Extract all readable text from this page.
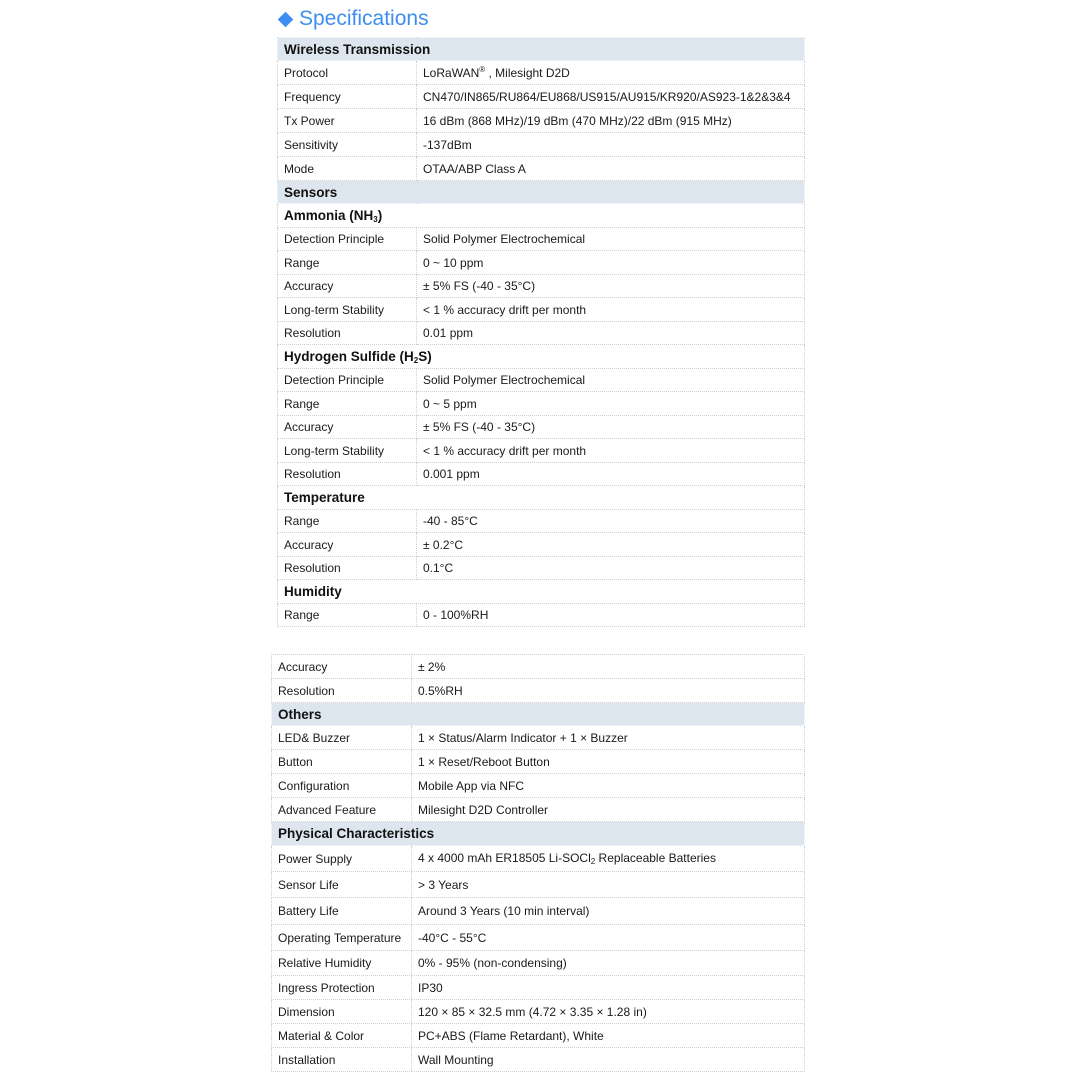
Specifications
Wireless Transmission	
Protocol	LoRaWAN® , Milesight D2D
Frequency	CN470/IN865/RU864/EU868/US915/AU915/KR920/AS923-1&2&3&4
Tx Power	16 dBm (868 MHz)/19 dBm (470 MHz)/22 dBm (915 MHz)
Sensitivity	-137dBm
Mode	OTAA/ABP Class A
Sensors	
Ammonia $(NH_3)$	
Detection Principle	Solid Polymer Electrochemical
Range	0 ~ 10 ppm
Accuracy	± 5% FS (-40 - 35°C)
Long-term Stability	< 1 % accuracy drift per month
Resolution	0.01 ppm
Hydrogen Sulfide $(H_2S)$	
Detection Principle	Solid Polymer Electrochemical
Range	0 ~ 5 ppm
Accuracy	± 5% FS (-40 - 35°C)
Long-term Stability	< 1 % accuracy drift per month
Resolution	0.001 ppm
Temperature	
Range	-40 - 85°C
Accuracy	± 0.2°C
Resolution	0.1°C
Humidity	
Range	0 - 100%RH
Accuracy	± 2%
Resolution	0.5%RH
Others	
LED& Buzzer	1 × Status/Alarm Indicator + 1 × Buzzer
Button	1 × Reset/Reboot Button
Configuration	Mobile App via NFC
Advanced Feature	Milesight D2D Controller
Physical Characteristics	
Power Supply	4 x 4000 mAh ER18505 Li-SOCl$_2$ Replaceable Batteries
Sensor Life	> 3 Years
Battery Life	Around 3 Years (10 min interval)
Operating Temperature	-40°C - 55°C
Relative Humidity	0% - 95% (non-condensing)
Ingress Protection	IP30
Dimension	120 × 85 × 32.5 mm (4.72 × 3.35 × 1.28 in)
Material & Color	PC+ABS (Flame Retardant), White
Installation	Wall Mounting
